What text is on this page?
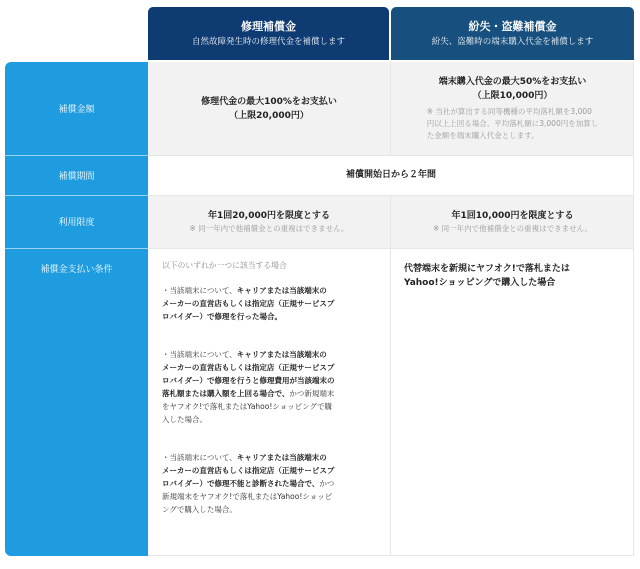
修理補償金
自然故障発生時の修理代金を補償します
紛失・盗難補償金
紛失、盗難時の端末購入代金を補償します
補償金額
補償期間
利用限度
補償金支払い条件
修理代金の最大100%をお支払い
（上限20,000円）
端末購入代金の最大50%をお支払い
（上限10,000円）
※ 当社が算出する同等機種の平均落札額を3,000
円以上上回る場合、平均落札額に3,000円を加算し
た金額を端末購入代金とします。
補償開始日から２年間
年1回20,000円を限度とする
※ 同一年内で他補償金との重複はできません。
年1回10,000円を限度とする
※ 同一年内で他補償金との重複はできません。
以下のいずれか一つに該当する場合
・当該端末について、キャリアまたは当該端末の
メーカーの直営店もしくは指定店（正規サービスプ
ロバイダー）で修理を行った場合。
・当該端末について、キャリアまたは当該端末の
メーカーの直営店もしくは指定店（正規サービスプ
ロバイダー）で修理を行うと修理費用が当該端末の
落札額または購入額を上回る場合で、かつ新規端末
をヤフオク!で落札またはYahoo!ショッピングで購
入した場合。
・当該端末について、キャリアまたは当該端末の
メーカーの直営店もしくは指定店（正規サービスプ
ロバイダー）で修理不能と診断された場合で、かつ
新規端末をヤフオク!で落札またはYahoo!ショッピ
ングで購入した場合。
代替端末を新規にヤフオク!で落札または
Yahoo!ショッピングで購入した場合
